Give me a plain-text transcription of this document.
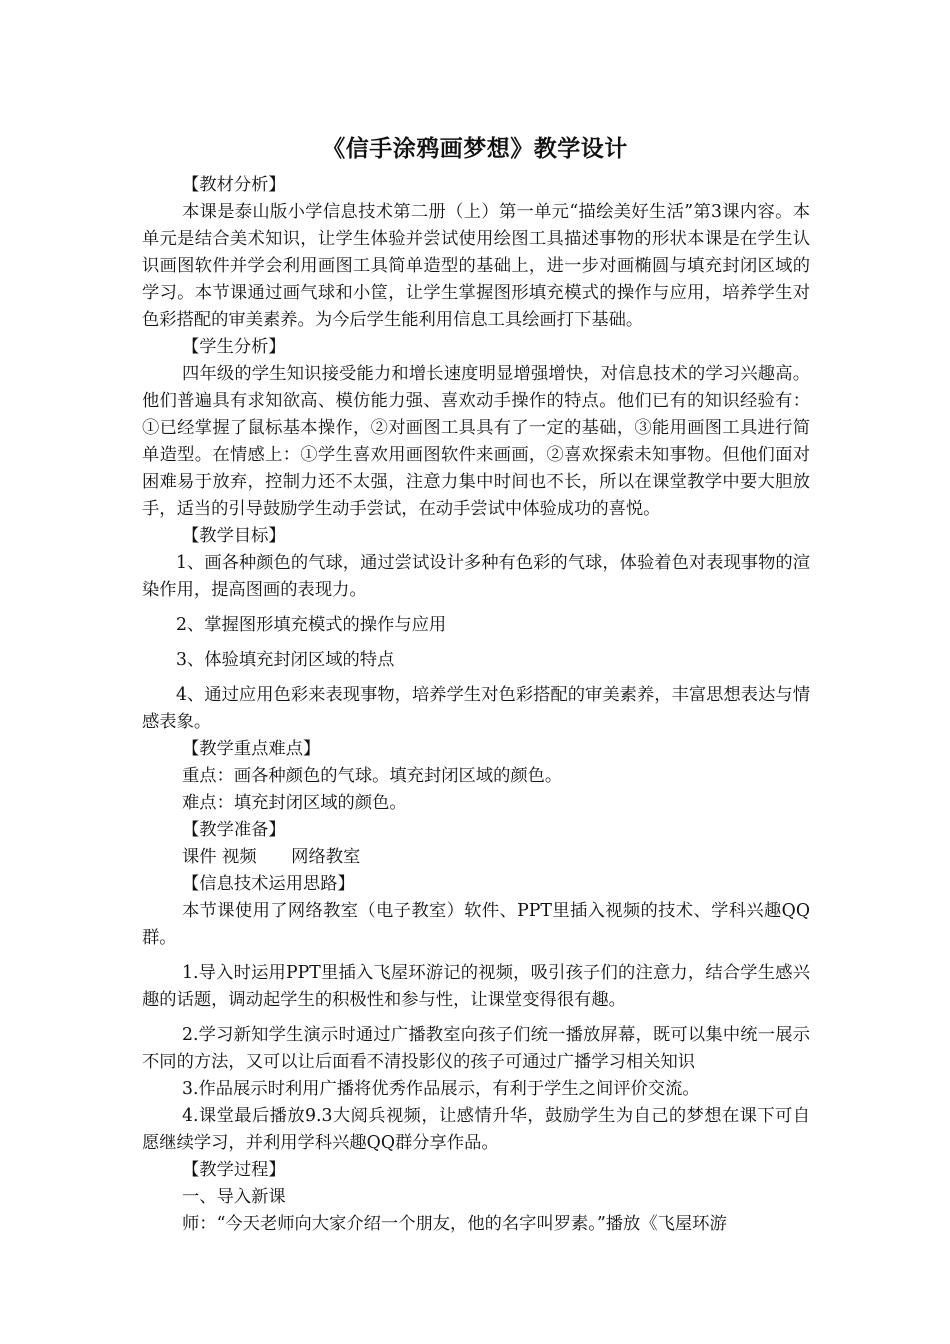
《信手涂鸦画梦想》教学设计

【教材分析】

本课是泰山版小学信息技术第二册（上）第一单元“描绘美好生活”第3课内容。本单元是结合美术知识，让学生体验并尝试使用绘图工具描述事物的形状本课是在学生认识画图软件并学会利用画图工具简单造型的基础上，进一步对画椭圆与填充封闭区域的学习。本节课通过画气球和小筐，让学生掌握图形填充模式的操作与应用，培养学生对色彩搭配的审美素养。为今后学生能利用信息工具绘画打下基础。

【学生分析】

四年级的学生知识接受能力和增长速度明显增强增快，对信息技术的学习兴趣高。他们普遍具有求知欲高、模仿能力强、喜欢动手操作的特点。他们已有的知识经验有：①已经掌握了鼠标基本操作，②对画图工具具有了一定的基础，③能用画图工具进行简单造型。在情感上：①学生喜欢用画图软件来画画，②喜欢探索未知事物。但他们面对困难易于放弃，控制力还不太强，注意力集中时间也不长，所以在课堂教学中要大胆放手，适当的引导鼓励学生动手尝试，在动手尝试中体验成功的喜悦。

【教学目标】

1、画各种颜色的气球，通过尝试设计多种有色彩的气球，体验着色对表现事物的渲染作用，提高图画的表现力。

2、掌握图形填充模式的操作与应用

3、体验填充封闭区域的特点

4、通过应用色彩来表现事物，培养学生对色彩搭配的审美素养，丰富思想表达与情感表象。

【教学重点难点】

重点：画各种颜色的气球。填充封闭区域的颜色。

难点：填充封闭区域的颜色。

【教学准备】

课件 视频　　网络教室

【信息技术运用思路】

本节课使用了网络教室（电子教室）软件、PPT里插入视频的技术、学科兴趣QQ群。

1.导入时运用PPT里插入飞屋环游记的视频，吸引孩子们的注意力，结合学生感兴趣的话题，调动起学生的积极性和参与性，让课堂变得很有趣。

2.学习新知学生演示时通过广播教室向孩子们统一播放屏幕，既可以集中统一展示不同的方法，又可以让后面看不清投影仪的孩子可通过广播学习相关知识

3.作品展示时利用广播将优秀作品展示，有利于学生之间评价交流。

4.课堂最后播放9.3大阅兵视频，让感情升华，鼓励学生为自己的梦想在课下可自愿继续学习，并利用学科兴趣QQ群分享作品。

【教学过程】

一、导入新课

师：“今天老师向大家介绍一个朋友，他的名字叫罗素。”播放《飞屋环游
